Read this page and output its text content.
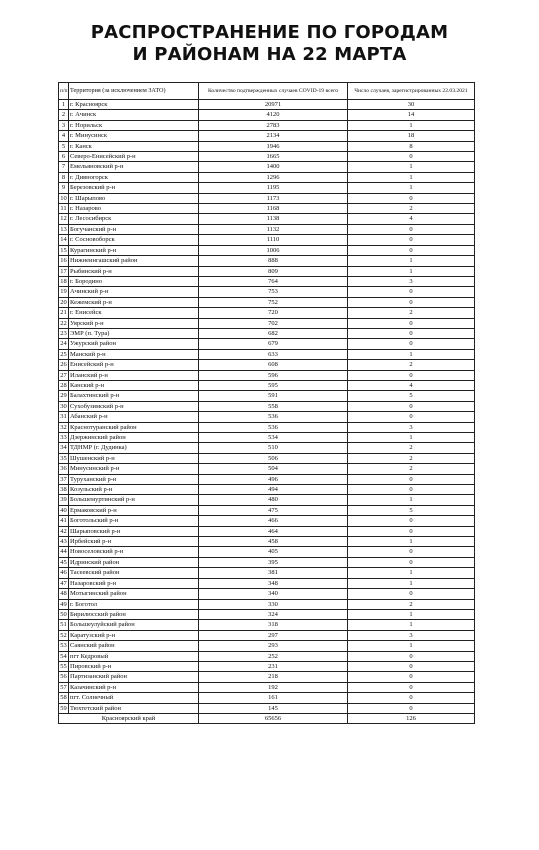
РАСПРОСТРАНЕНИЕ ПО ГОРОДАМ
И РАЙОНАМ НА 22 МАРТА
п/п	Территория (за исключением ЗАТО)	Количество подтвержденных случаев COVID-19 всего	Число случаев, зарегистрированных 22.03.2021
1	г. Красноярск	20971	30
2	г. Ачинск	4120	14
3	г. Норильск	2783	1
4	г. Минусинск	2134	18
5	г. Канск	1946	8
6	Северо-Енисейский р-н	1665	0
7	Емельяновский р-н	1400	1
8	г. Дивногорск	1296	1
9	Березовский р-н	1195	1
10	г. Шарыпово	1173	0
11	г. Назарово	1168	2
12	г. Лесосибирск	1138	4
13	Богучанский р-н	1132	0
14	г. Сосновоборск	1110	0
15	Курагинский р-н	1006	0
16	Нижнеингашский район	888	1
17	Рыбинский р-н	809	1
18	г. Бородино	764	3
19	Ачинский р-н	753	0
20	Кежемский р-н	752	0
21	г. Енисейск	720	2
22	Уярский р-н	702	0
23	ЭМР (п. Тура)	682	0
24	Ужурский район	679	0
25	Манский р-н	633	1
26	Енисейский р-н	608	2
27	Иланский р-н	596	0
28	Канский р-н	595	4
29	Балахтинский р-н	591	5
30	Сухобузимский р-н	558	0
31	Абанский р-н	536	0
32	Краснотуранский район	536	3
33	Дзержинский район	534	1
34	ТДНМР (г. Дудинка)	510	2
35	Шушенский р-н	506	2
36	Минусинский р-н	504	2
37	Туруханский р-н	496	0
38	Козульский р-н	494	0
39	Большемуртинский р-н	480	1
40	Ермаковский р-н	475	5
41	Боготольский р-н	466	0
42	Шарыповский р-н	464	0
43	Ирбейский р-н	458	1
44	Новоселовский р-н	405	0
45	Идринский район	395	0
46	Тасеевский район	381	1
47	Назаровский р-н	348	1
48	Мотыгинский район	340	0
49	г. Боготол	330	2
50	Бирилюсский район	324	1
51	Большеулуйский район	318	1
52	Каратузский р-н	297	3
53	Саянский район	293	1
54	пгт Кедровый	252	0
55	Пировский р-н	231	0
56	Партизанский район	218	0
57	Казачинский р-н	192	0
58	пгт. Солнечный	161	0
59	Тюхтетский район	145	0
Красноярский край		65656	126
